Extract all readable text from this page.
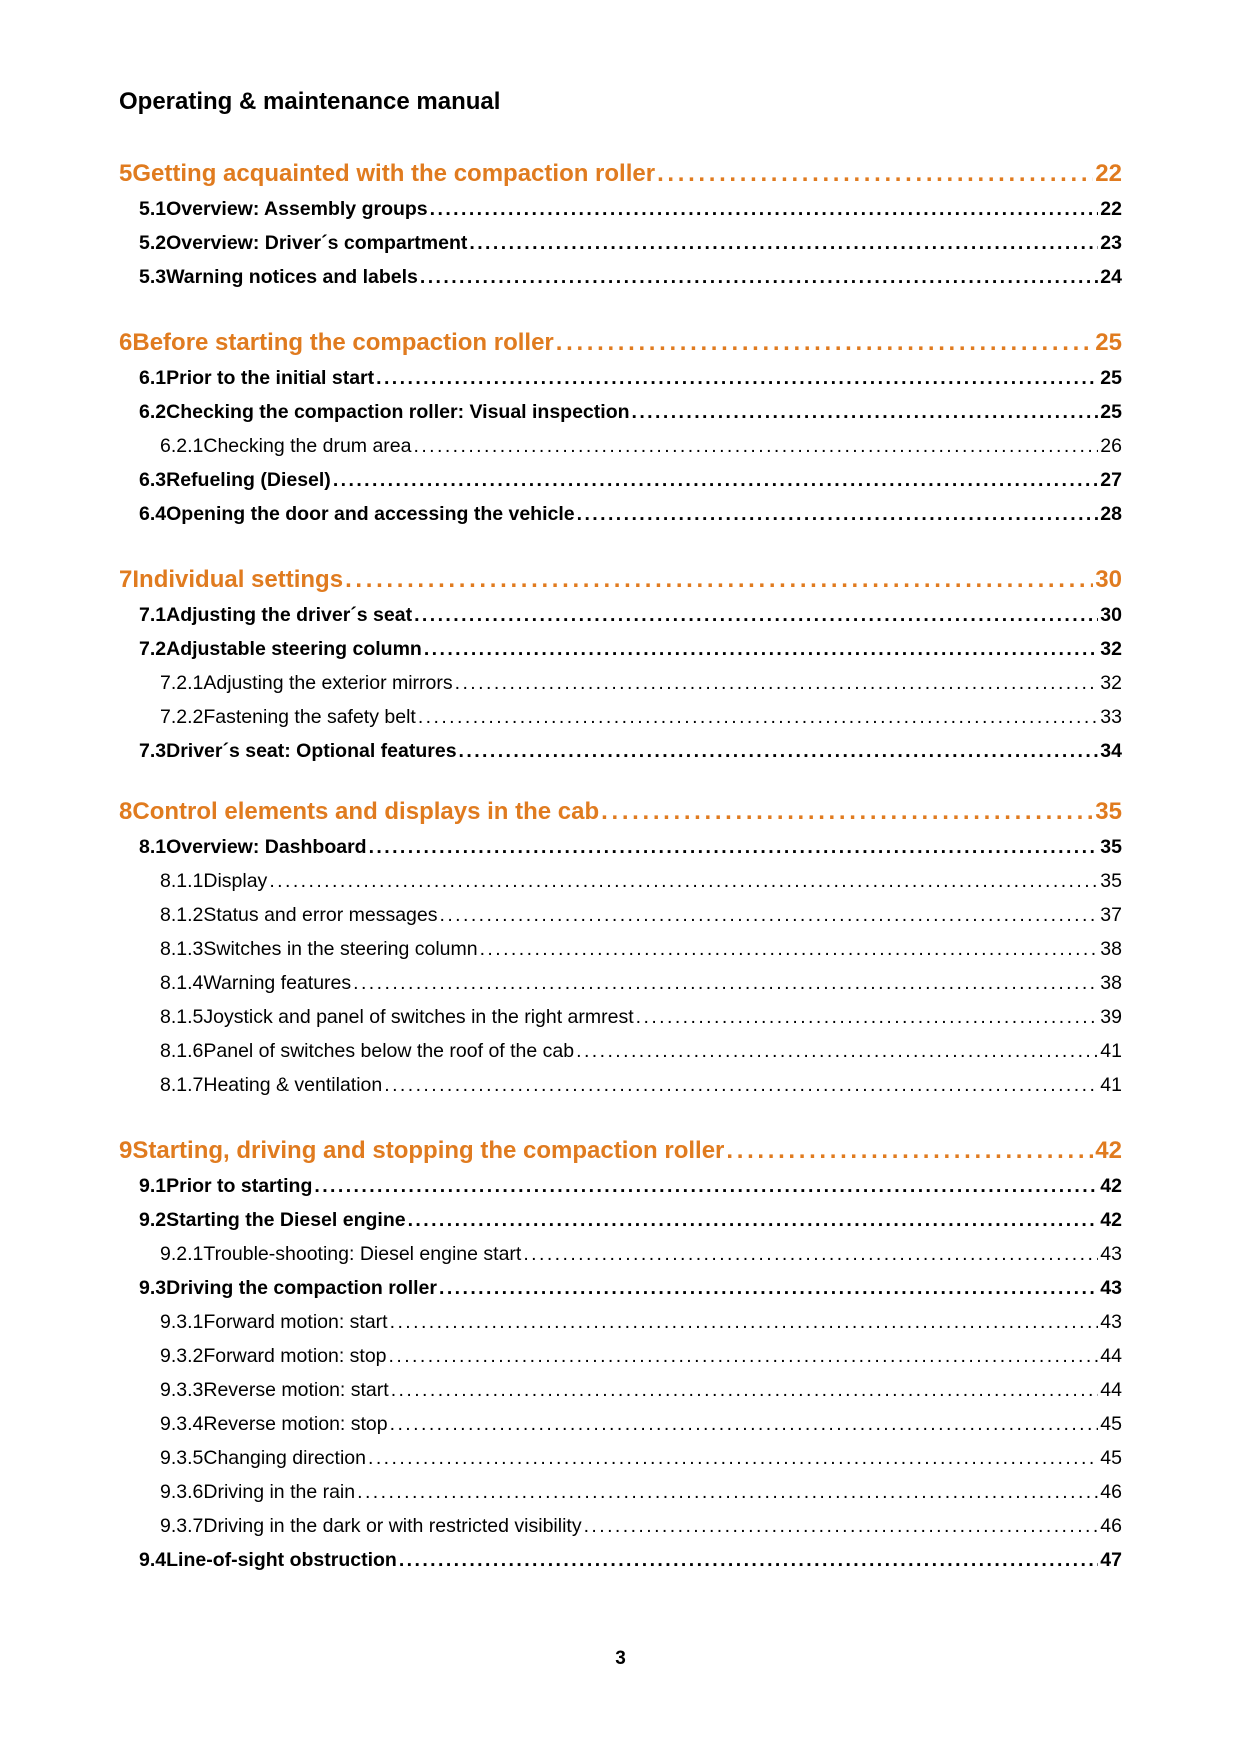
Operating & maintenance manual
5 Getting acquainted with the compaction roller . . .	22
5.1 Overview: Assembly groups . . .	22
5.2 Overview: Driver´s compartment . . .	23
5.3 Warning notices and labels . . .	24
6 Before starting the compaction roller . . .	25
6.1 Prior to the initial start . . .	25
6.2 Checking the compaction roller: Visual inspection . . .	25
6.2.1 Checking the drum area . . .	26
6.3 Refueling (Diesel) . . .	27
6.4 Opening the door and accessing the vehicle . . .	28
7 Individual settings . . .	30
7.1 Adjusting the driver´s seat . . .	30
7.2 Adjustable steering column . . .	32
7.2.1 Adjusting the exterior mirrors . . .	32
7.2.2 Fastening the safety belt . . .	33
7.3 Driver´s seat: Optional features . . .	34
8 Control elements and displays in the cab . . .	35
8.1 Overview: Dashboard . . .	35
8.1.1 Display . . .	35
8.1.2 Status and error messages . . .	37
8.1.3 Switches in the steering column . . .	38
8.1.4 Warning features . . .	38
8.1.5 Joystick and panel of switches in the right armrest . . .	39
8.1.6 Panel of switches below the roof of the cab . . .	41
8.1.7 Heating & ventilation . . .	41
9 Starting, driving and stopping the compaction roller . . .	42
9.1 Prior to starting . . .	42
9.2 Starting the Diesel engine . . .	42
9.2.1 Trouble-shooting: Diesel engine start . . .	43
9.3 Driving the compaction roller . . .	43
9.3.1 Forward motion: start . . .	43
9.3.2 Forward motion: stop . . .	44
9.3.3 Reverse motion: start . . .	44
9.3.4 Reverse motion: stop . . .	45
9.3.5 Changing direction . . .	45
9.3.6 Driving in the rain . . .	46
9.3.7 Driving in the dark or with restricted visibility . . .	46
9.4 Line-of-sight obstruction . . .	47
3
